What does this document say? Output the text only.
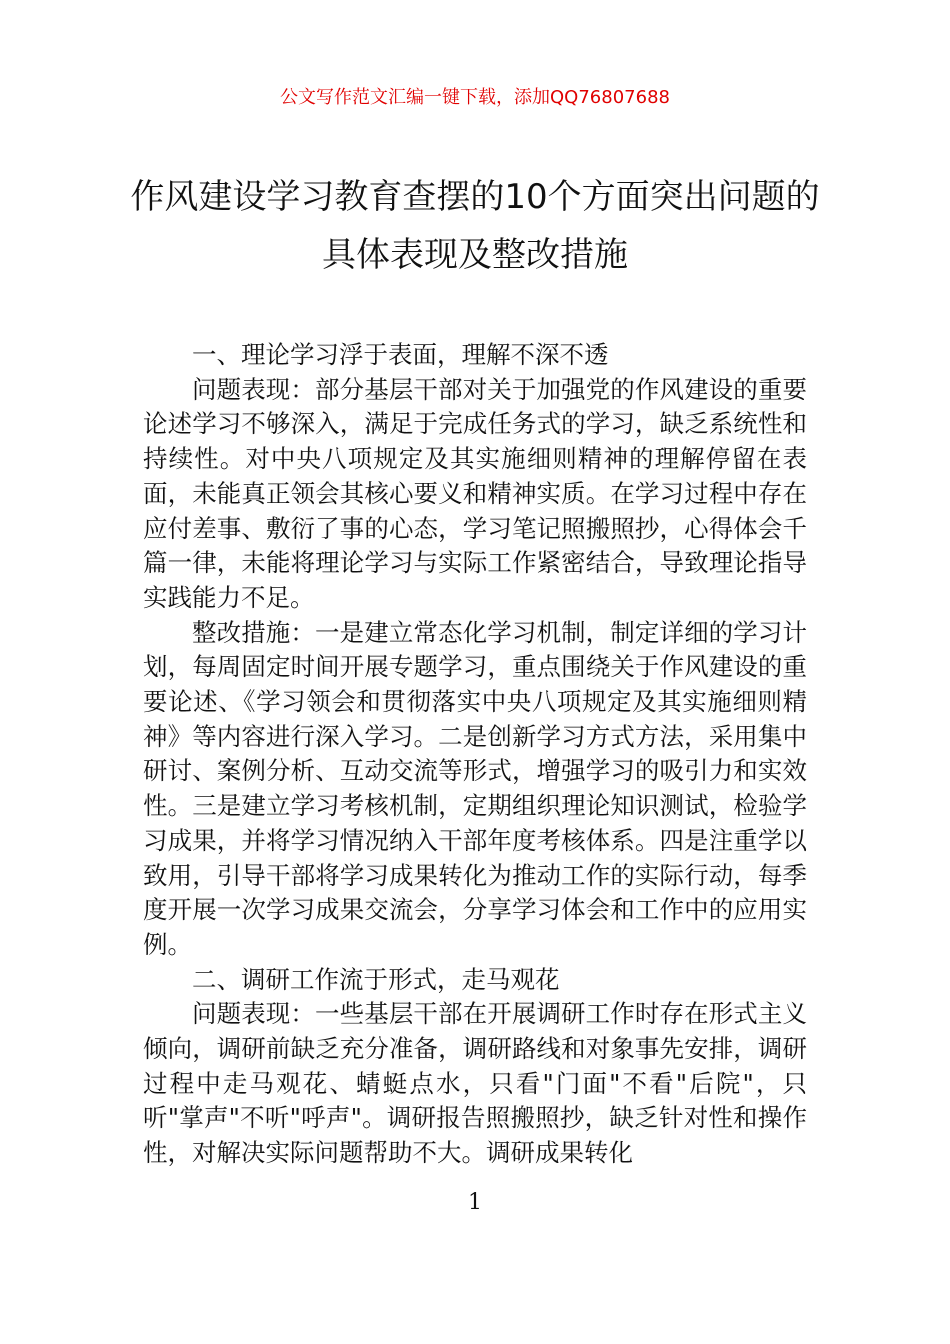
公文写作范文汇编一键下载，添加QQ76807688
作风建设学习教育查摆的10个方面突出问题的具体表现及整改措施

一、理论学习浮于表面，理解不深不透

问题表现：部分基层干部对关于加强党的作风建设的重要论述学习不够深入，满足于完成任务式的学习，缺乏系统性和持续性。对中央八项规定及其实施细则精神的理解停留在表面，未能真正领会其核心要义和精神实质。在学习过程中存在应付差事、敷衍了事的心态，学习笔记照搬照抄，心得体会千篇一律，未能将理论学习与实际工作紧密结合，导致理论指导实践能力不足。

整改措施：一是建立常态化学习机制，制定详细的学习计划，每周固定时间开展专题学习，重点围绕关于作风建设的重要论述、《学习领会和贯彻落实中央八项规定及其实施细则精神》等内容进行深入学习。二是创新学习方式方法，采用集中研讨、案例分析、互动交流等形式，增强学习的吸引力和实效性。三是建立学习考核机制，定期组织理论知识测试，检验学习成果，并将学习情况纳入干部年度考核体系。四是注重学以致用，引导干部将学习成果转化为推动工作的实际行动，每季度开展一次学习成果交流会，分享学习体会和工作中的应用实例。

二、调研工作流于形式，走马观花

问题表现：一些基层干部在开展调研工作时存在形式主义倾向，调研前缺乏充分准备，调研路线和对象事先安排，调研过程中走马观花、蜻蜓点水，只看"门面"不看"后院"，只听"掌声"不听"呼声"。调研报告照搬照抄，缺乏针对性和操作性，对解决实际问题帮助不大。调研成果转化

1
